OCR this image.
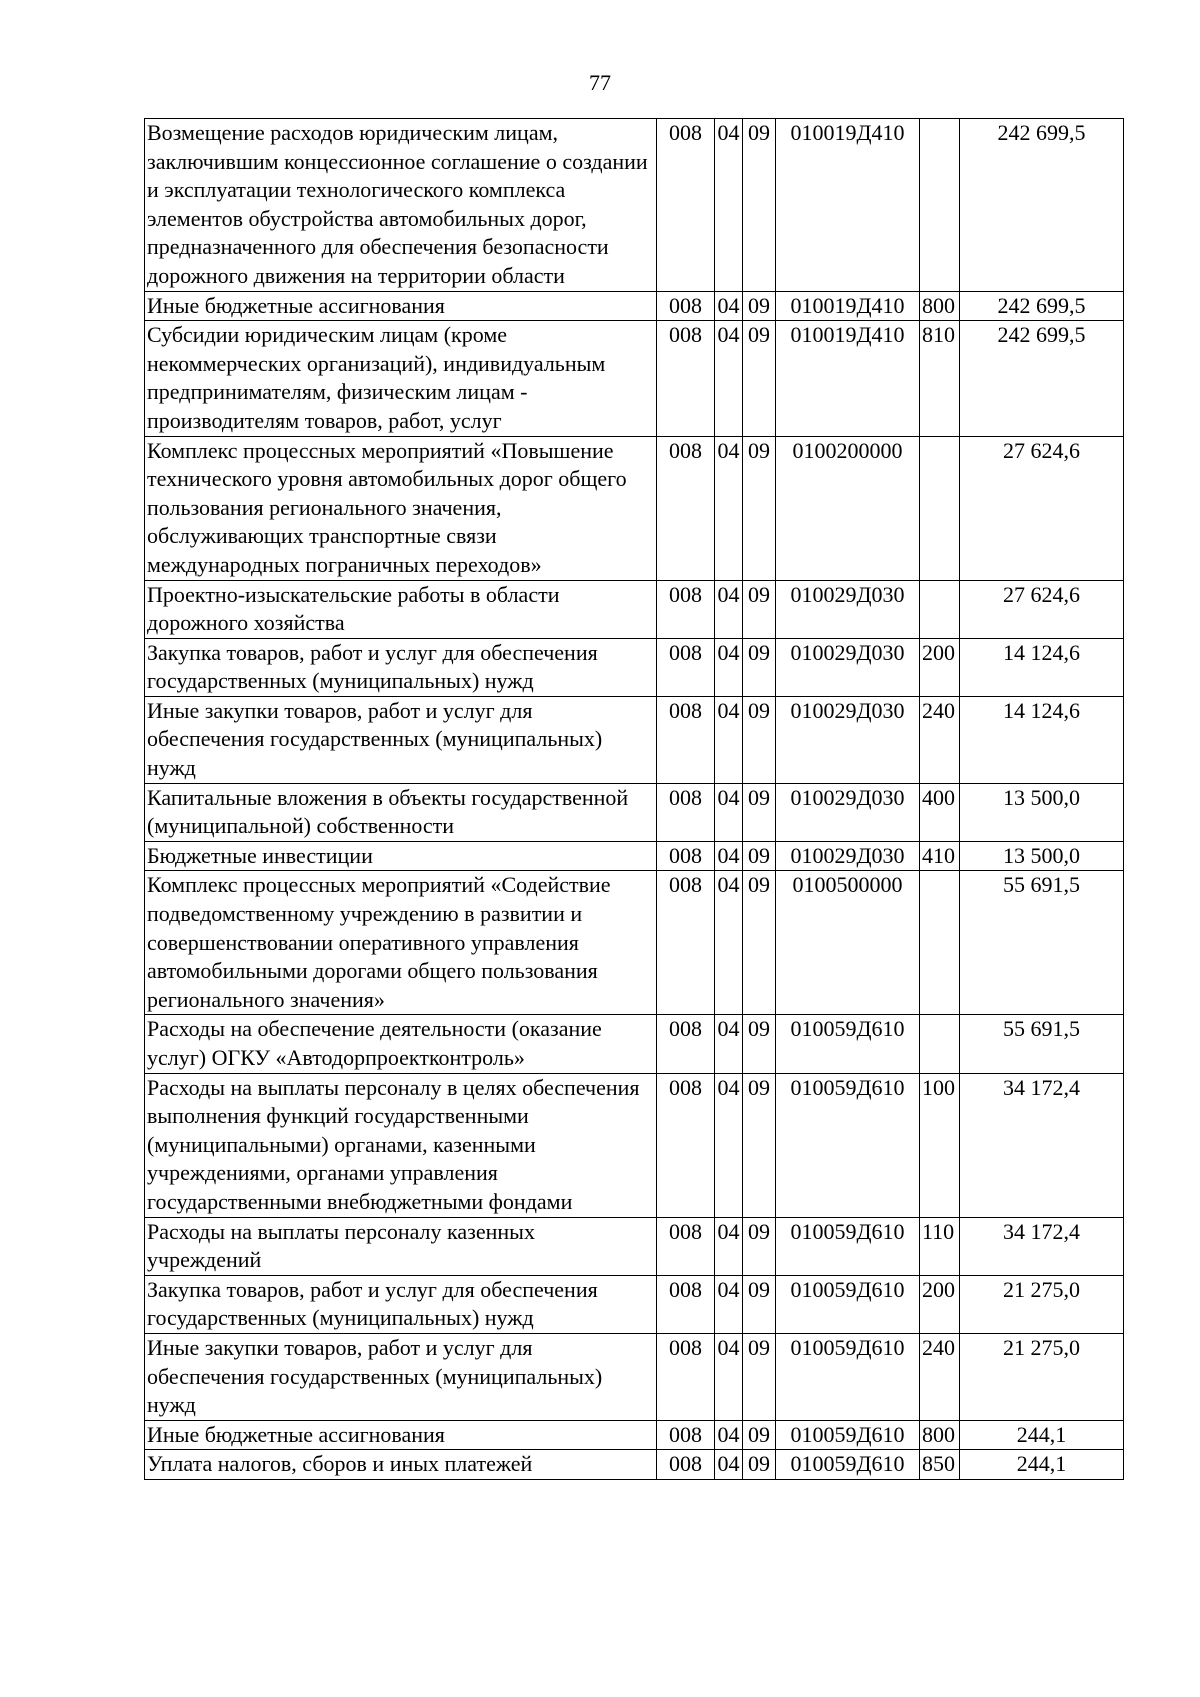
77
Возмещение расходов юридическим лицам, заключившим концессионное соглашение о создании и эксплуатации технологического комплекса элементов обустройства автомобильных дорог, предназначенного для обеспечения безопасности дорожного движения на территории области	008	04	09	010019Д410		242 699,5
Иные бюджетные ассигнования	008	04	09	010019Д410	800	242 699,5
Субсидии юридическим лицам (кроме некоммерческих организаций), индивидуальным предпринимателям, физическим лицам - производителям товаров, работ, услуг	008	04	09	010019Д410	810	242 699,5
Комплекс процессных мероприятий «Повышение технического уровня автомобильных дорог общего пользования регионального значения, обслуживающих транспортные связи международных пограничных переходов»	008	04	09	0100200000		27 624,6
Проектно-изыскательские работы в области дорожного хозяйства	008	04	09	010029Д030		27 624,6
Закупка товаров, работ и услуг для обеспечения государственных (муниципальных) нужд	008	04	09	010029Д030	200	14 124,6
Иные закупки товаров, работ и услуг для обеспечения государственных (муниципальных) нужд	008	04	09	010029Д030	240	14 124,6
Капитальные вложения в объекты государственной (муниципальной) собственности	008	04	09	010029Д030	400	13 500,0
Бюджетные инвестиции	008	04	09	010029Д030	410	13 500,0
Комплекс процессных мероприятий «Содействие подведомственному учреждению в развитии и совершенствовании оперативного управления автомобильными дорогами общего пользования регионального значения»	008	04	09	0100500000		55 691,5
Расходы на обеспечение деятельности (оказание услуг) ОГКУ «Автодорпроектконтроль»	008	04	09	010059Д610		55 691,5
Расходы на выплаты персоналу в целях обеспечения выполнения функций государственными (муниципальными) органами, казенными учреждениями, органами управления государственными внебюджетными фондами	008	04	09	010059Д610	100	34 172,4
Расходы на выплаты персоналу казенных учреждений	008	04	09	010059Д610	110	34 172,4
Закупка товаров, работ и услуг для обеспечения государственных (муниципальных) нужд	008	04	09	010059Д610	200	21 275,0
Иные закупки товаров, работ и услуг для обеспечения государственных (муниципальных) нужд	008	04	09	010059Д610	240	21 275,0
Иные бюджетные ассигнования	008	04	09	010059Д610	800	244,1
Уплата налогов, сборов и иных платежей	008	04	09	010059Д610	850	244,1
